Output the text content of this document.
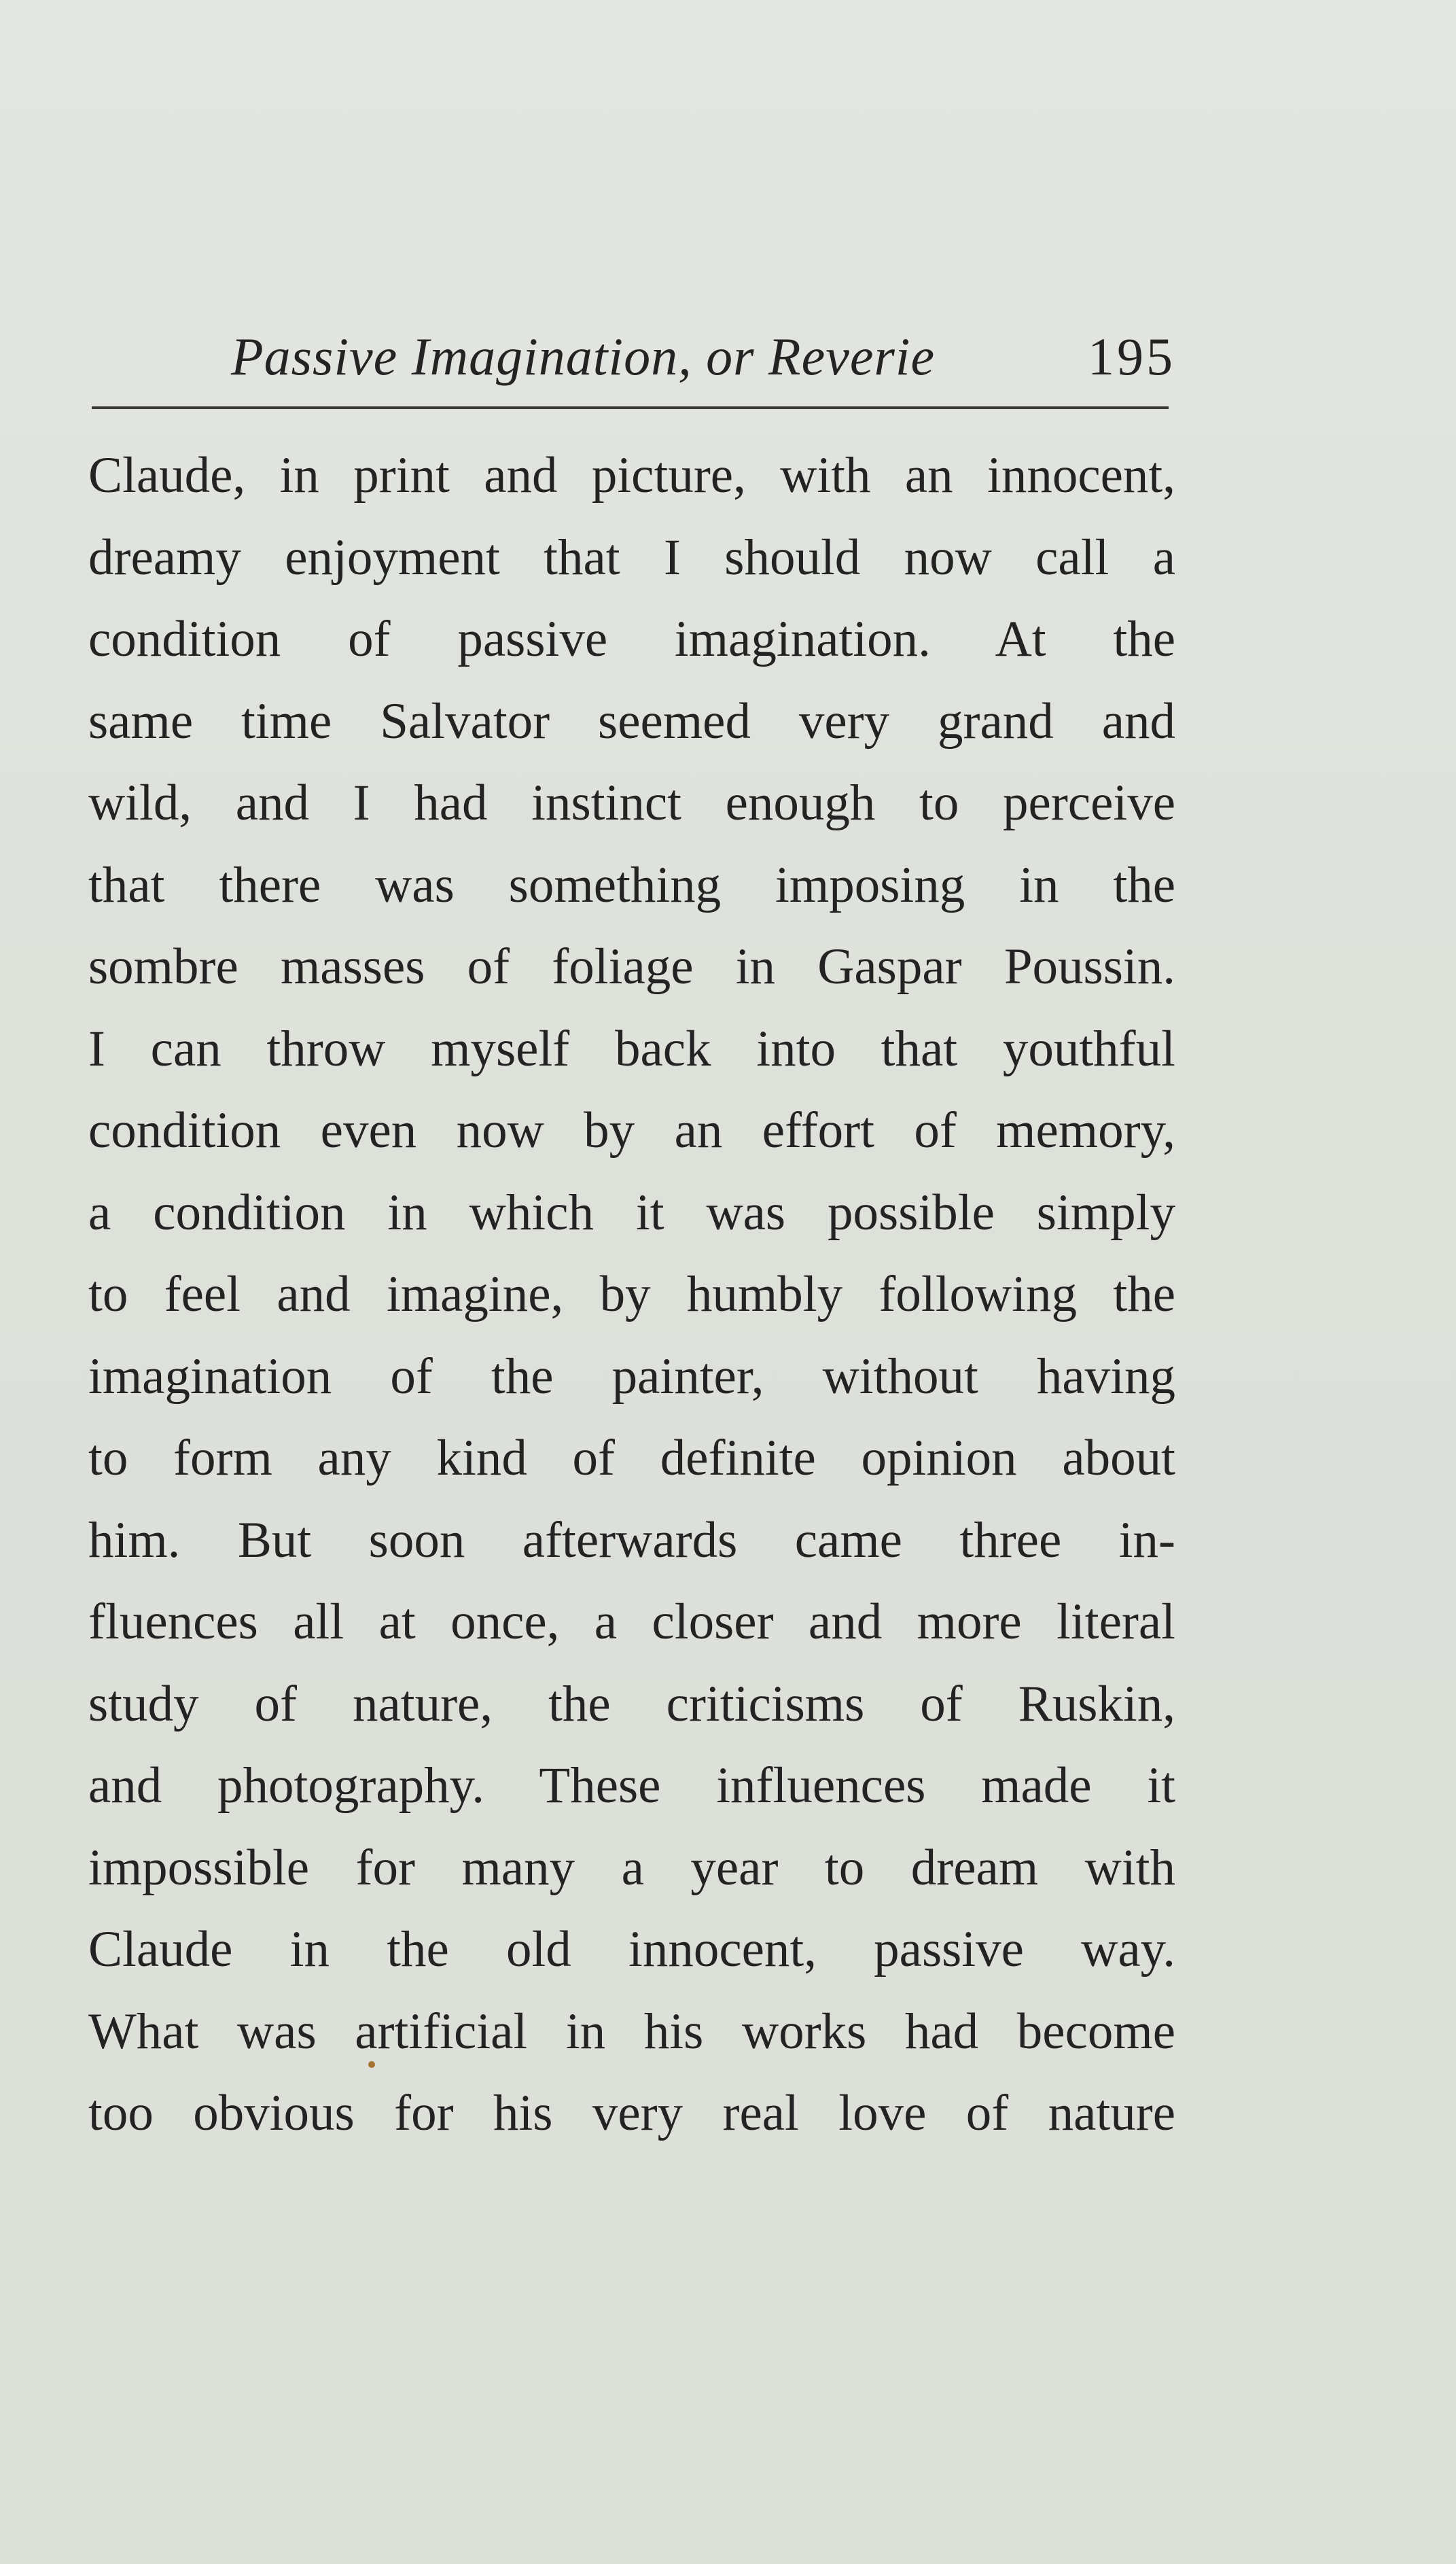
Passive Imagination, or Reverie	195
Claude, in print and picture, with an innocent,
dreamy enjoyment that I should now call a
condition of passive imagination. At the
same time Salvator seemed very grand and
wild, and I had instinct enough to perceive
that there was something imposing in the
sombre masses of foliage in Gaspar Poussin.
I can throw myself back into that youthful
condition even now by an effort of memory,
a condition in which it was possible simply
to feel and imagine, by humbly following the
imagination of the painter, without having
to form any kind of definite opinion about
him. But soon afterwards came three in-
fluences all at once, a closer and more literal
study of nature, the criticisms of Ruskin,
and photography. These influences made it
impossible for many a year to dream with
Claude in the old innocent, passive way.
What was artificial in his works had become
too obvious for his very real love of nature
